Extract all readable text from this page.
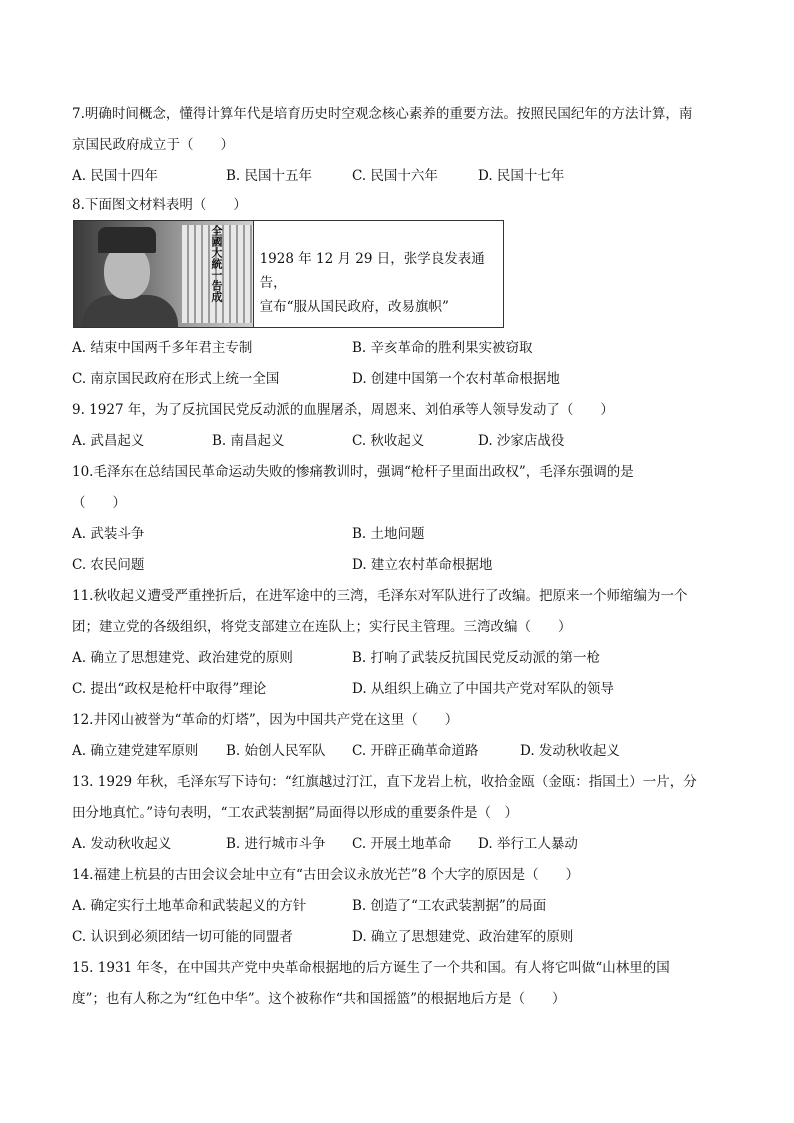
7.明确时间概念，懂得计算年代是培育历史时空观念核心素养的重要方法。按照民国纪年的方法计算，南
京国民政府成立于（　　）
A. 民国十四年	B. 民国十五年	C. 民国十六年	D. 民国十七年
8.下面图文材料表明（　　）
全國大統一告成	1928 年 12 月 29 日，张学良发表通告，
宣布“服从国民政府，改易旗帜”
A. 结束中国两千多年君主专制	B. 辛亥革命的胜利果实被窃取
C. 南京国民政府在形式上统一全国	D. 创建中国第一个农村革命根据地
9. 1927 年，为了反抗国民党反动派的血腥屠杀，周恩来、刘伯承等人领导发动了（　　）
A. 武昌起义	B. 南昌起义	C. 秋收起义	D. 沙家店战役
10.毛泽东在总结国民革命运动失败的惨痛教训时，强调“枪杆子里面出政权”，毛泽东强调的是
（　　）
A. 武装斗争	B. 土地问题
C. 农民问题	D. 建立农村革命根据地
11.秋收起义遭受严重挫折后，在进军途中的三湾，毛泽东对军队进行了改编。把原来一个师缩编为一个
团；建立党的各级组织，将党支部建立在连队上；实行民主管理。三湾改编（　　）
A. 确立了思想建党、政治建党的原则	B. 打响了武装反抗国民党反动派的第一枪
C. 提出“政权是枪杆中取得”理论	D. 从组织上确立了中国共产党对军队的领导
12.井冈山被誉为“革命的灯塔”，因为中国共产党在这里（　　）
A. 确立建党建军原则 B. 始创人民军队 C. 开辟正确革命道路	D. 发动秋收起义
13. 1929 年秋，毛泽东写下诗句：“红旗越过汀江，直下龙岩上杭，收拾金瓯（金瓯：指国土）一片，分
田分地真忙。”诗句表明，“工农武装割据”局面得以形成的重要条件是（　）
A. 发动秋收起义	B. 进行城市斗争 C. 开展土地革命 D. 举行工人暴动
14.福建上杭县的古田会议会址中立有“古田会议永放光芒”8 个大字的原因是（　　）
A. 确定实行土地革命和武装起义的方针	B. 创造了“工农武装割据”的局面
C. 认识到必须团结一切可能的同盟者	D. 确立了思想建党、政治建军的原则
15. 1931 年冬，在中国共产党中央革命根据地的后方诞生了一个共和国。有人将它叫做“山林里的国
度”；也有人称之为“红色中华”。这个被称作“共和国摇篮”的根据地后方是（　　）
